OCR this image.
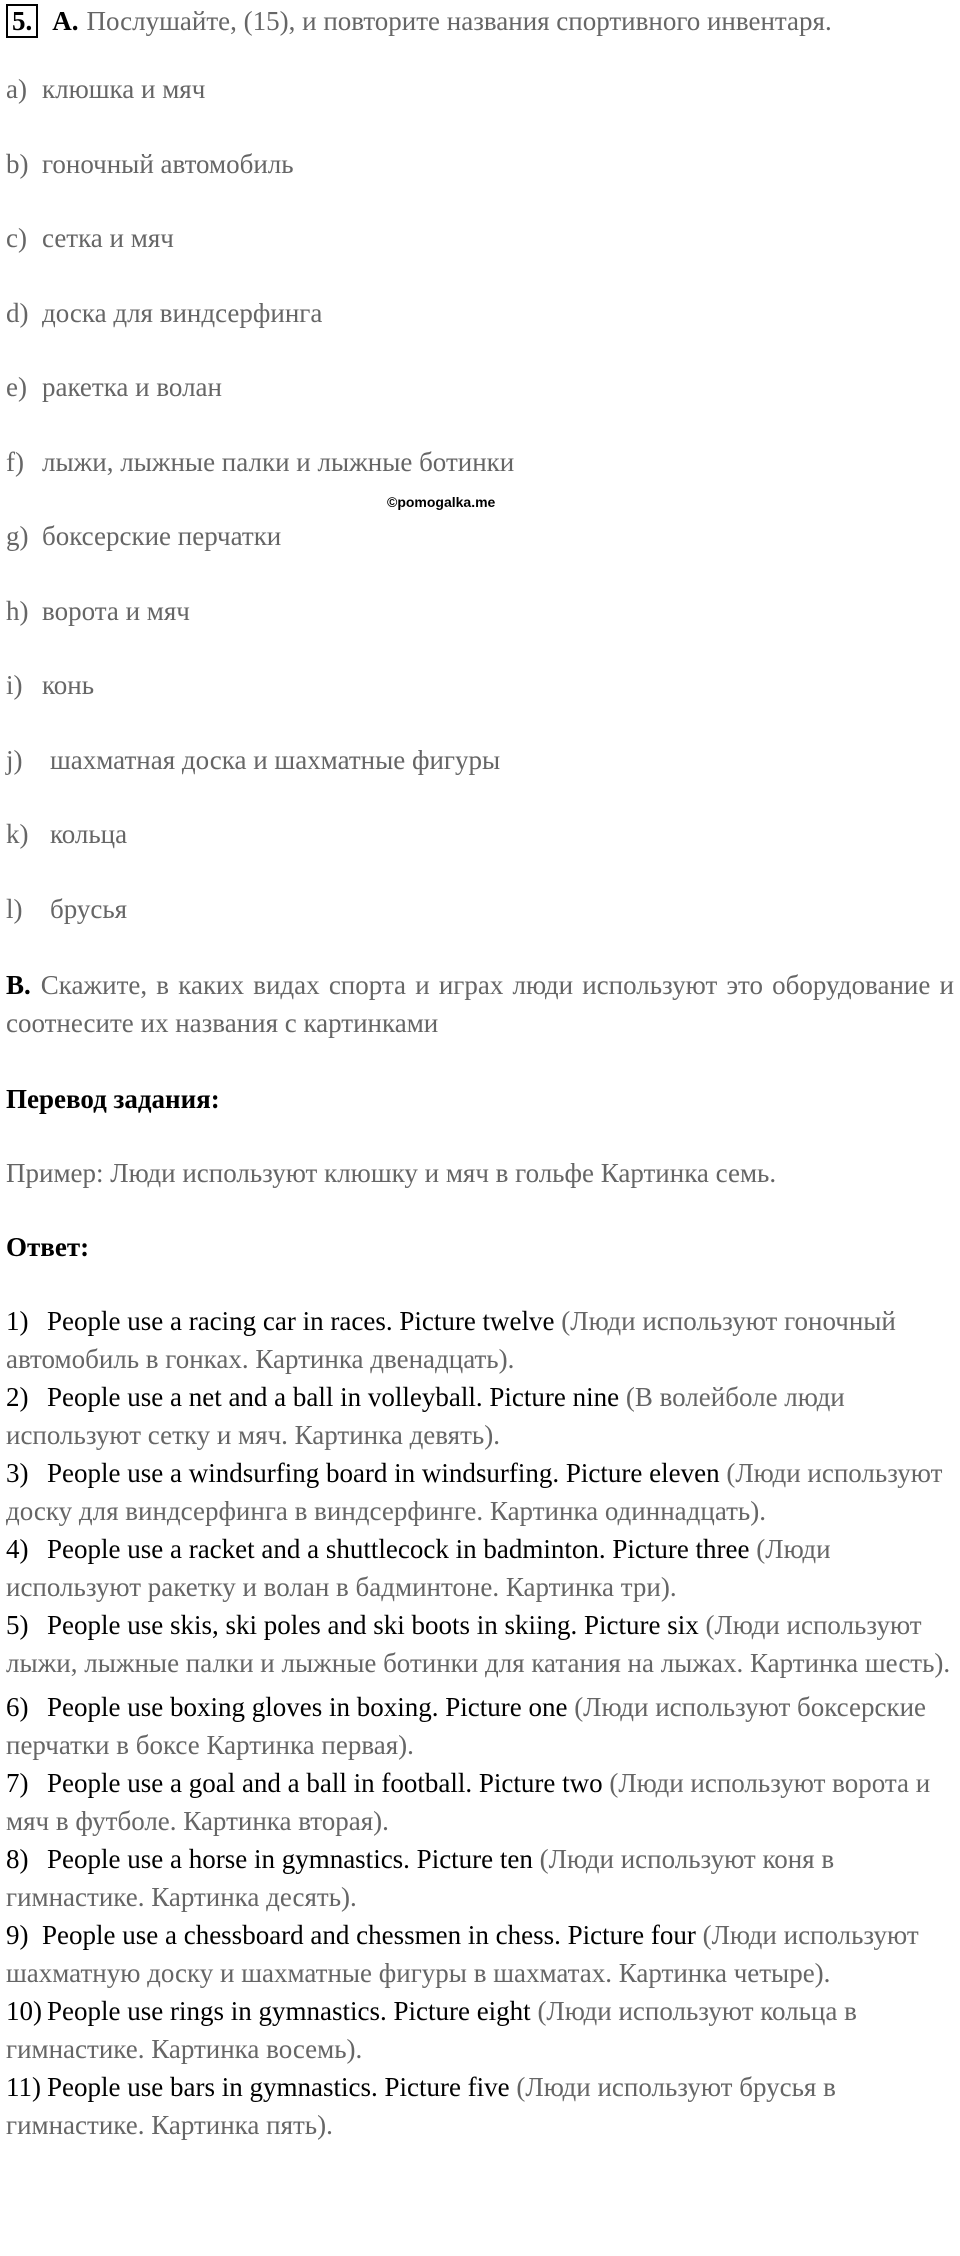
5. A. Послушайте, (15), и повторите названия спортивного инвентаря.
a) клюшка и мяч
b) гоночный автомобиль
c) сетка и мяч
d) доска для виндсерфинга
e) ракетка и волан
f) лыжи, лыжные палки и лыжные ботинки
g) боксерские перчатки
h) ворота и мяч
i) конь
j) шахматная доска и шахматные фигуры
k) кольца
l) брусья
©pomogalka.me
B. Скажите, в каких видах спорта и играх люди используют это оборудование и соотнесите их названия с картинками
Перевод задания:
Пример: Люди используют клюшку и мяч в гольфе Картинка семь.
Ответ:
1) People use a racing car in races. Picture twelve (Люди используют гоночный автомобиль в гонках. Картинка двенадцать).
2) People use a net and a ball in volleyball. Picture nine (В волейболе люди используют сетку и мяч. Картинка девять).
3) People use a windsurfing board in windsurfing. Picture eleven (Люди используют доску для виндсерфинга в виндсерфинге. Картинка одиннадцать).
4) People use a racket and a shuttlecock in badminton. Picture three (Люди используют ракетку и волан в бадминтоне. Картинка три).
5) People use skis, ski poles and ski boots in skiing. Picture six (Люди используют лыжи, лыжные палки и лыжные ботинки для катания на лыжах. Картинка шесть).
6) People use boxing gloves in boxing. Picture one (Люди используют боксерские перчатки в боксе Картинка первая).
7) People use a goal and a ball in football. Picture two (Люди используют ворота и мяч в футболе. Картинка вторая).
8) People use a horse in gymnastics. Picture ten (Люди используют коня в гимнастике. Картинка десять).
9) People use a chessboard and chessmen in chess. Picture four (Люди используют шахматную доску и шахматные фигуры в шахматах. Картинка четыре).
10) People use rings in gymnastics. Picture eight (Люди используют кольца в гимнастике. Картинка восемь).
11) People use bars in gymnastics. Picture five (Люди используют брусья в гимнастике. Картинка пять).
